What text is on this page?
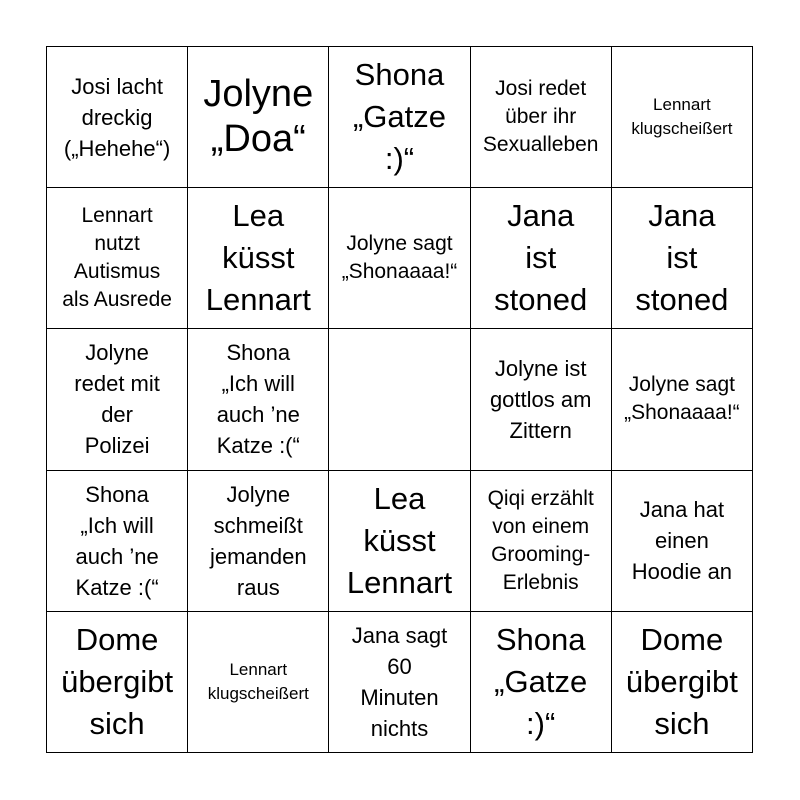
Josi lacht
dreckig
(„Hehehe“)
Jolyne
„Doa“
Shona
„Gatze
:)“
Josi redet
über ihr
Sexualleben
Lennart
klugscheißert
Lennart
nutzt
Autismus
als Ausrede
Lea
küsst
Lennart
Jolyne sagt
„Shonaaaa!“
Jana
ist
stoned
Jana
ist
stoned
Jolyne
redet mit
der
Polizei
Shona
„Ich will
auch ’ne
Katze :(“
Jolyne ist
gottlos am
Zittern
Jolyne sagt
„Shonaaaa!“
Shona
„Ich will
auch ’ne
Katze :(“
Jolyne
schmeißt
jemanden
raus
Lea
küsst
Lennart
Qiqi erzählt
von einem
Grooming-
Erlebnis
Jana hat
einen
Hoodie an
Dome
übergibt
sich
Lennart
klugscheißert
Jana sagt
60
Minuten
nichts
Shona
„Gatze
:)“
Dome
übergibt
sich
